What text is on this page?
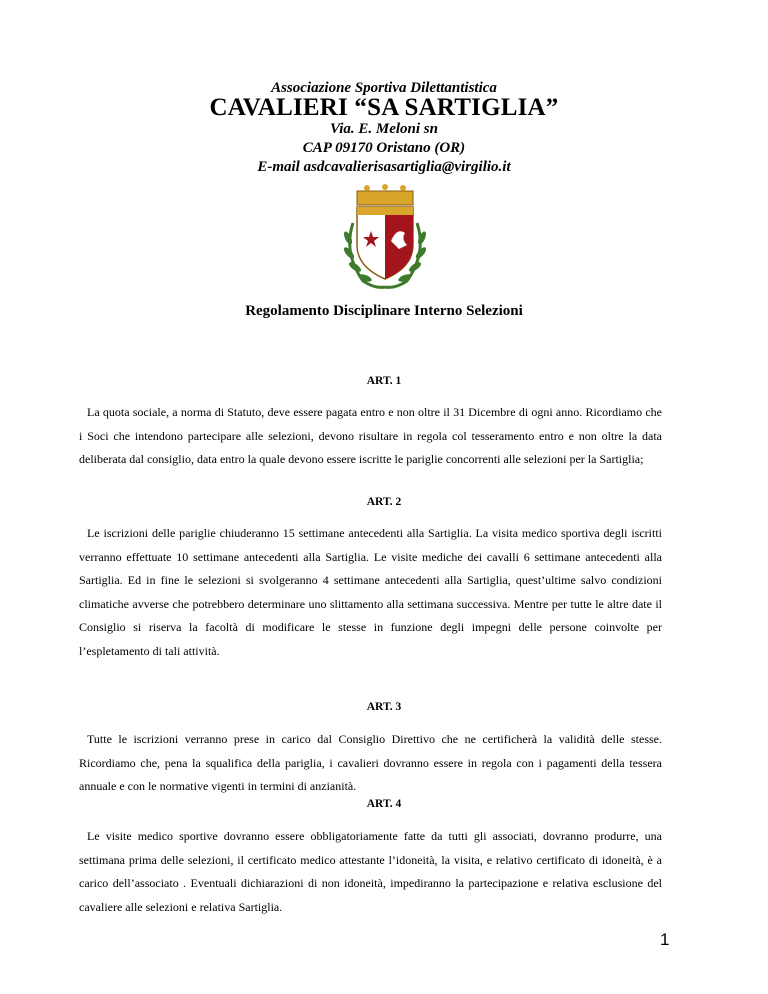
Associazione Sportiva Dilettantistica
CAVALIERI “SA SARTIGLIA”
Via. E. Meloni sn
CAP 09170 Oristano (OR)
E-mail asdcavalierisasartiglia@virgilio.it
Regolamento Disciplinare Interno Selezioni
ART. 1
La quota sociale, a norma di Statuto, deve essere pagata entro e non oltre il 31 Dicembre di ogni anno. Ricordiamo che i Soci che intendono partecipare alle selezioni, devono risultare in regola col tesseramento entro e non oltre la data deliberata dal consiglio, data entro la quale devono essere iscritte le pariglie concorrenti alle selezioni per la Sartiglia;
ART. 2
Le iscrizioni delle pariglie chiuderanno 15 settimane antecedenti alla Sartiglia. La visita medico sportiva degli iscritti verranno effettuate 10 settimane antecedenti alla Sartiglia. Le visite mediche dei cavalli 6 settimane antecedenti alla Sartiglia. Ed in fine le selezioni si svolgeranno 4 settimane antecedenti alla Sartiglia, quest’ultime salvo condizioni climatiche avverse che potrebbero determinare uno slittamento alla settimana successiva. Mentre per tutte le altre date il Consiglio si riserva la facoltà di modificare le stesse in funzione degli impegni delle persone coinvolte per l’espletamento di tali attività.
ART. 3
Tutte le iscrizioni verranno prese in carico dal Consiglio Direttivo che ne certificherà la validità delle stesse. Ricordiamo che, pena la squalifica della pariglia, i cavalieri dovranno essere in regola con i pagamenti della tessera annuale e con le normative vigenti in termini di anzianità.
ART. 4
Le visite medico sportive dovranno essere obbligatoriamente fatte da tutti gli associati, dovranno produrre, una settimana prima delle selezioni, il certificato medico attestante l’idoneità, la visita, e relativo certificato di idoneità, è a carico dell’associato . Eventuali dichiarazioni di non idoneità, impediranno la partecipazione e relativa esclusione del cavaliere alle selezioni e relativa Sartiglia.
1
